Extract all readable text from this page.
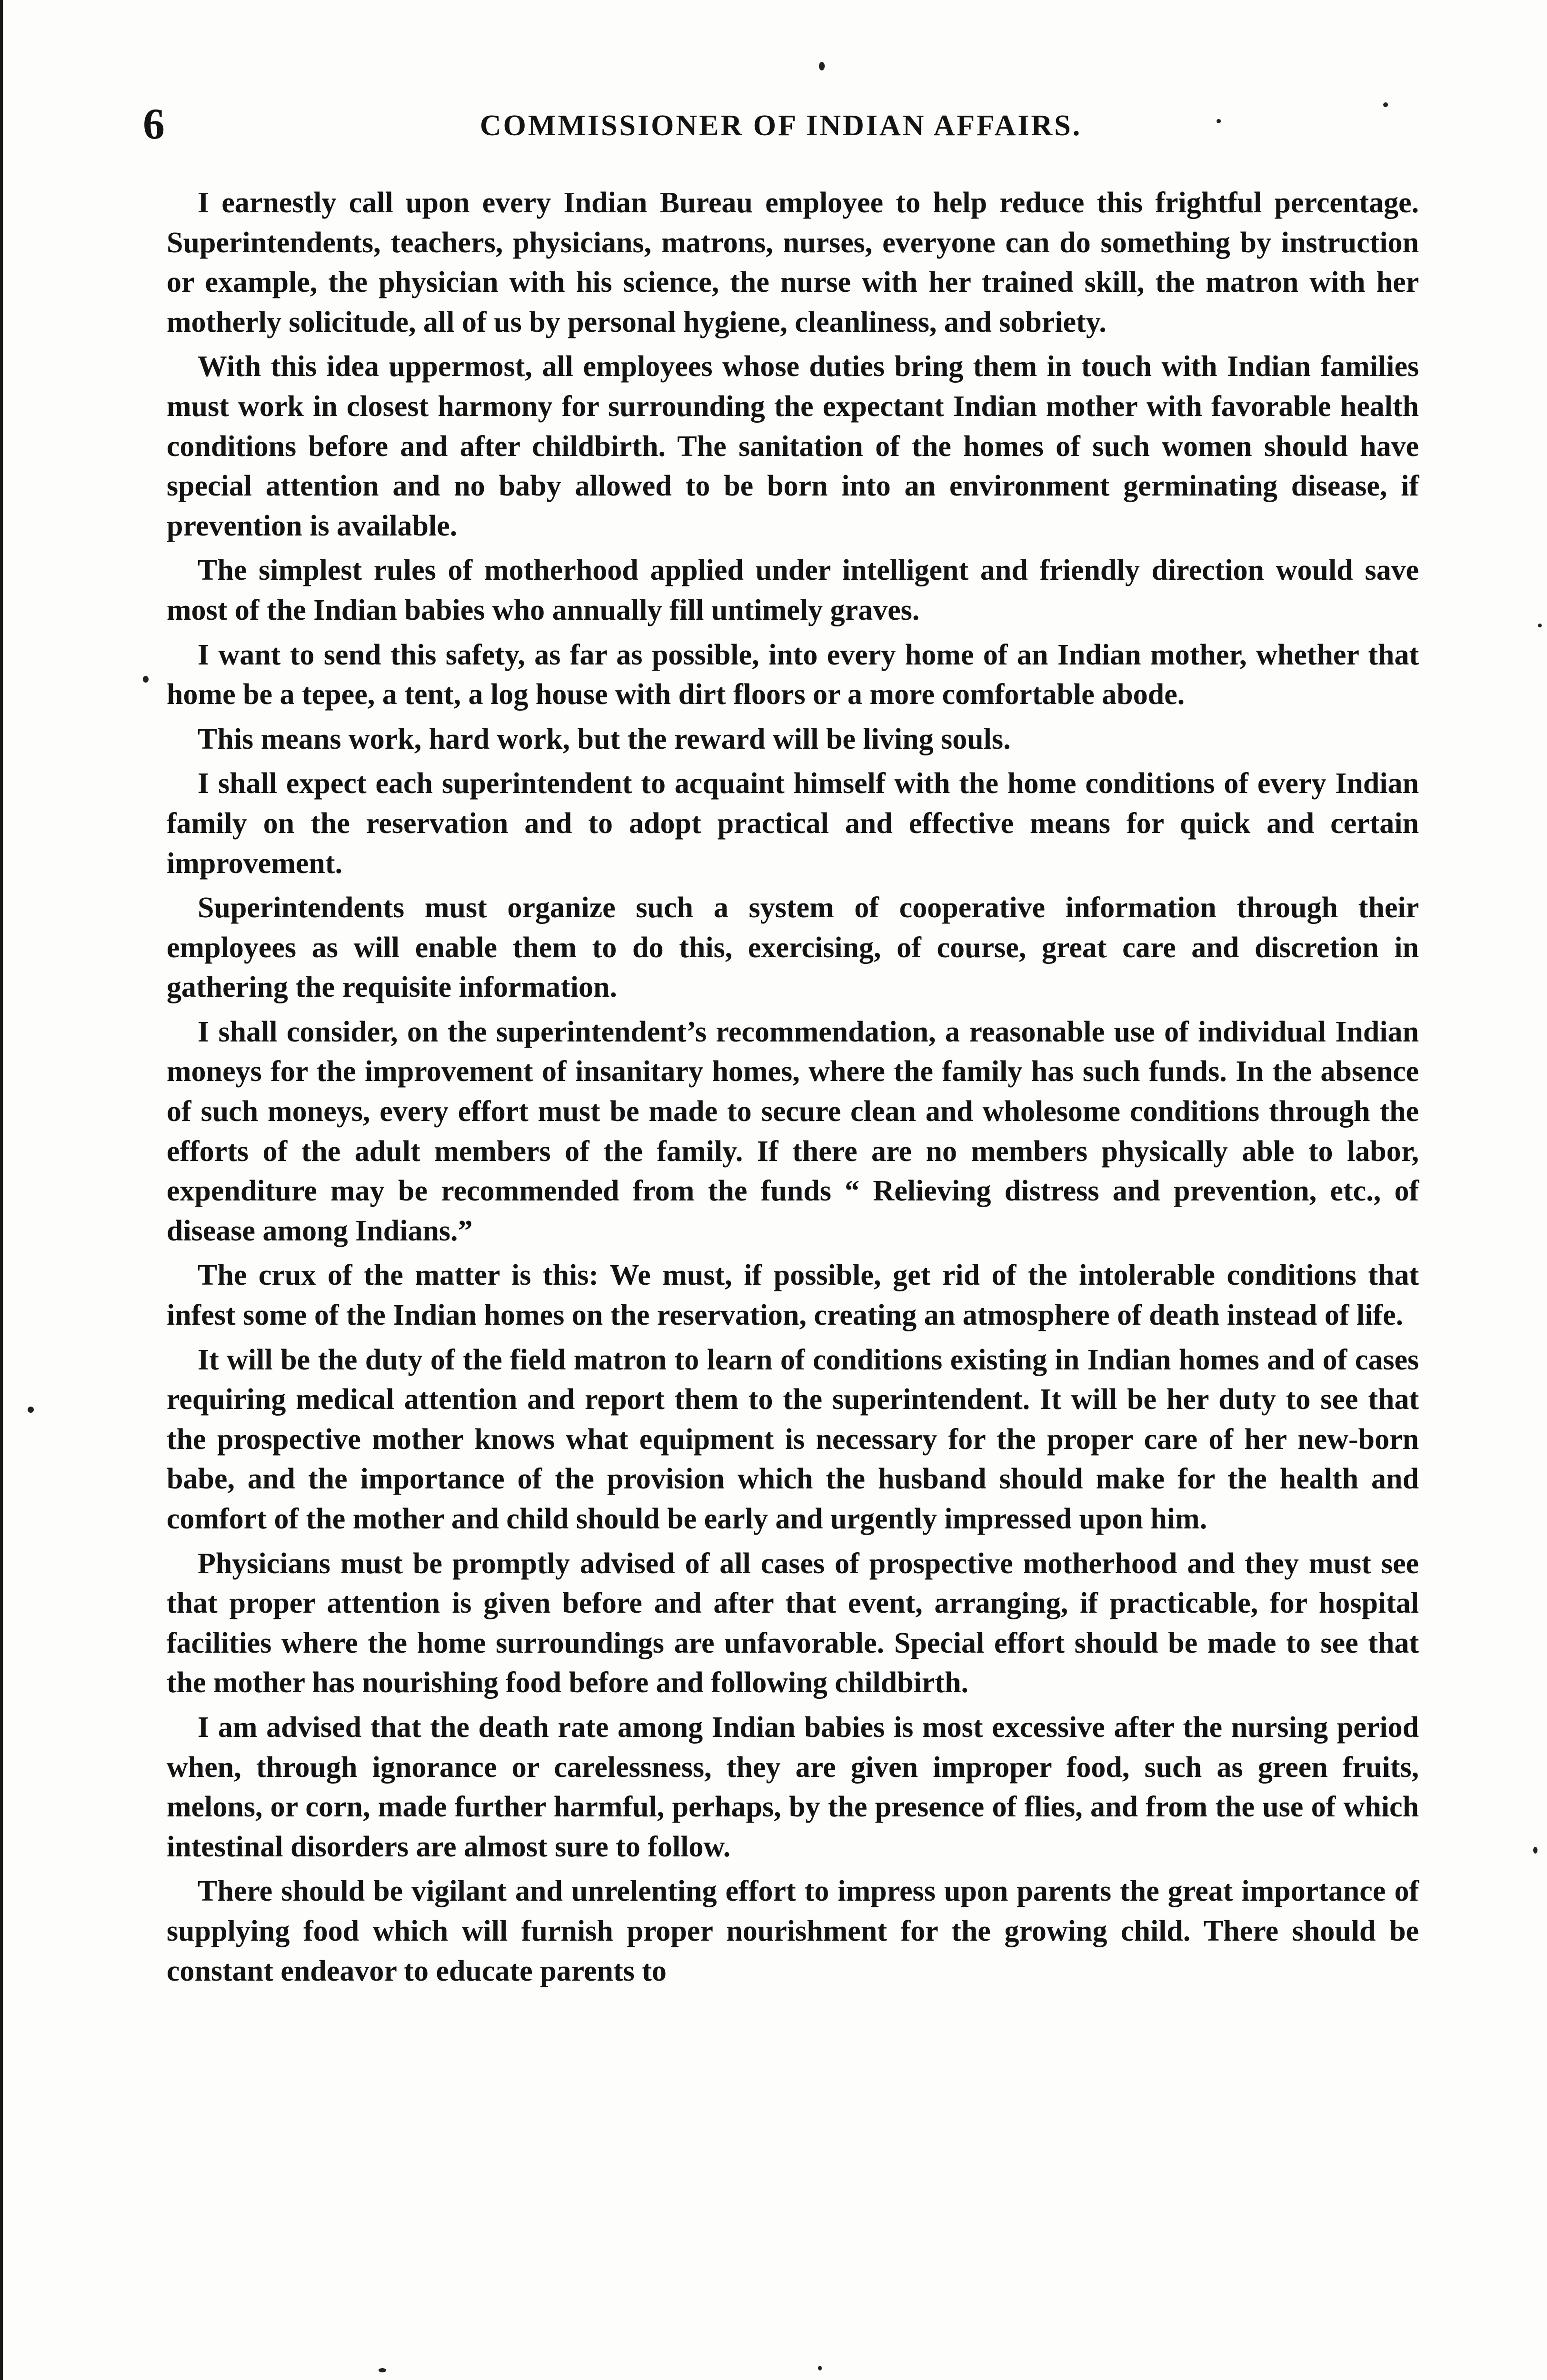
6	COMMISSIONER OF INDIAN AFFAIRS.

I earnestly call upon every Indian Bureau employee to help reduce this frightful percentage. Superintendents, teachers, physicians, matrons, nurses, everyone can do something by instruction or example, the physician with his science, the nurse with her trained skill, the matron with her motherly solicitude, all of us by personal hygiene, cleanliness, and sobriety.

With this idea uppermost, all employees whose duties bring them in touch with Indian families must work in closest harmony for surrounding the expectant Indian mother with favorable health conditions before and after childbirth. The sanitation of the homes of such women should have special attention and no baby allowed to be born into an environment germinating disease, if prevention is available.

The simplest rules of motherhood applied under intelligent and friendly direction would save most of the Indian babies who annually fill untimely graves.

I want to send this safety, as far as possible, into every home of an Indian mother, whether that home be a tepee, a tent, a log house with dirt floors or a more comfortable abode.

This means work, hard work, but the reward will be living souls.

I shall expect each superintendent to acquaint himself with the home conditions of every Indian family on the reservation and to adopt practical and effective means for quick and certain improvement.

Superintendents must organize such a system of cooperative information through their employees as will enable them to do this, exercising, of course, great care and discretion in gathering the requisite information.

I shall consider, on the superintendent’s recommendation, a reasonable use of individual Indian moneys for the improvement of insanitary homes, where the family has such funds. In the absence of such moneys, every effort must be made to secure clean and wholesome conditions through the efforts of the adult members of the family. If there are no members physically able to labor, expenditure may be recommended from the funds “ Relieving distress and prevention, etc., of disease among Indians.”

The crux of the matter is this: We must, if possible, get rid of the intolerable conditions that infest some of the Indian homes on the reservation, creating an atmosphere of death instead of life.

It will be the duty of the field matron to learn of conditions existing in Indian homes and of cases requiring medical attention and report them to the superintendent. It will be her duty to see that the prospective mother knows what equipment is necessary for the proper care of her new-born babe, and the importance of the provision which the husband should make for the health and comfort of the mother and child should be early and urgently impressed upon him.

Physicians must be promptly advised of all cases of prospective motherhood and they must see that proper attention is given before and after that event, arranging, if practicable, for hospital facilities where the home surroundings are unfavorable. Special effort should be made to see that the mother has nourishing food before and following childbirth.

I am advised that the death rate among Indian babies is most excessive after the nursing period when, through ignorance or carelessness, they are given improper food, such as green fruits, melons, or corn, made further harmful, perhaps, by the presence of flies, and from the use of which intestinal disorders are almost sure to follow.

There should be vigilant and unrelenting effort to impress upon parents the great importance of supplying food which will furnish proper nourishment for the growing child. There should be constant endeavor to educate parents to
